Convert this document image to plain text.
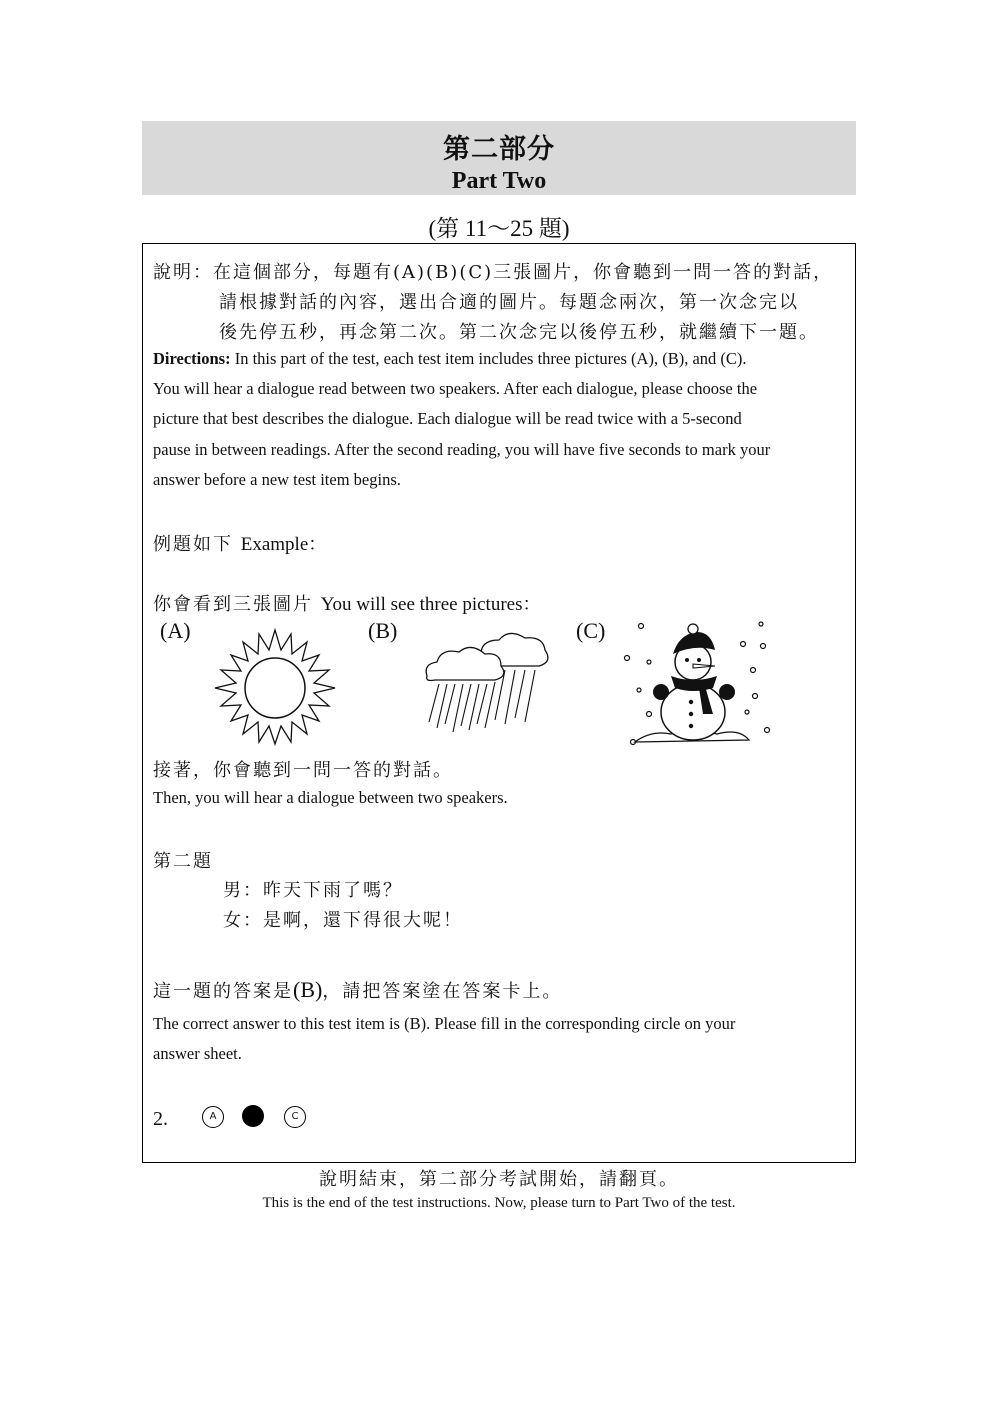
第二部分
Part Two
(第 11～25 題)
說明：在這個部分，每題有(A)(B)(C)三張圖片，你會聽到一問一答的對話，
請根據對話的內容，選出合適的圖片。每題念兩次，第一次念完以
後先停五秒，再念第二次。第二次念完以後停五秒，就繼續下一題。
Directions: In this part of the test, each test item includes three pictures (A), (B), and (C).
You will hear a dialogue read between two speakers. After each dialogue, please choose the
picture that best describes the dialogue. Each dialogue will be read twice with a 5-second
pause in between readings. After the second reading, you will have five seconds to mark your
answer before a new test item begins.
例題如下 Example：
你會看到三張圖片 You will see three pictures：
(A)	(B)	(C)
接著，你會聽到一問一答的對話。
Then, you will hear a dialogue between two speakers.
第二題
男：昨天下雨了嗎？
女：是啊，還下得很大呢！
這一題的答案是(B)，請把答案塗在答案卡上。
The correct answer to this test item is (B). Please fill in the corresponding circle on your
answer sheet.
2.	A	C
說明結束，第二部分考試開始，請翻頁。
This is the end of the test instructions. Now, please turn to Part Two of the test.
